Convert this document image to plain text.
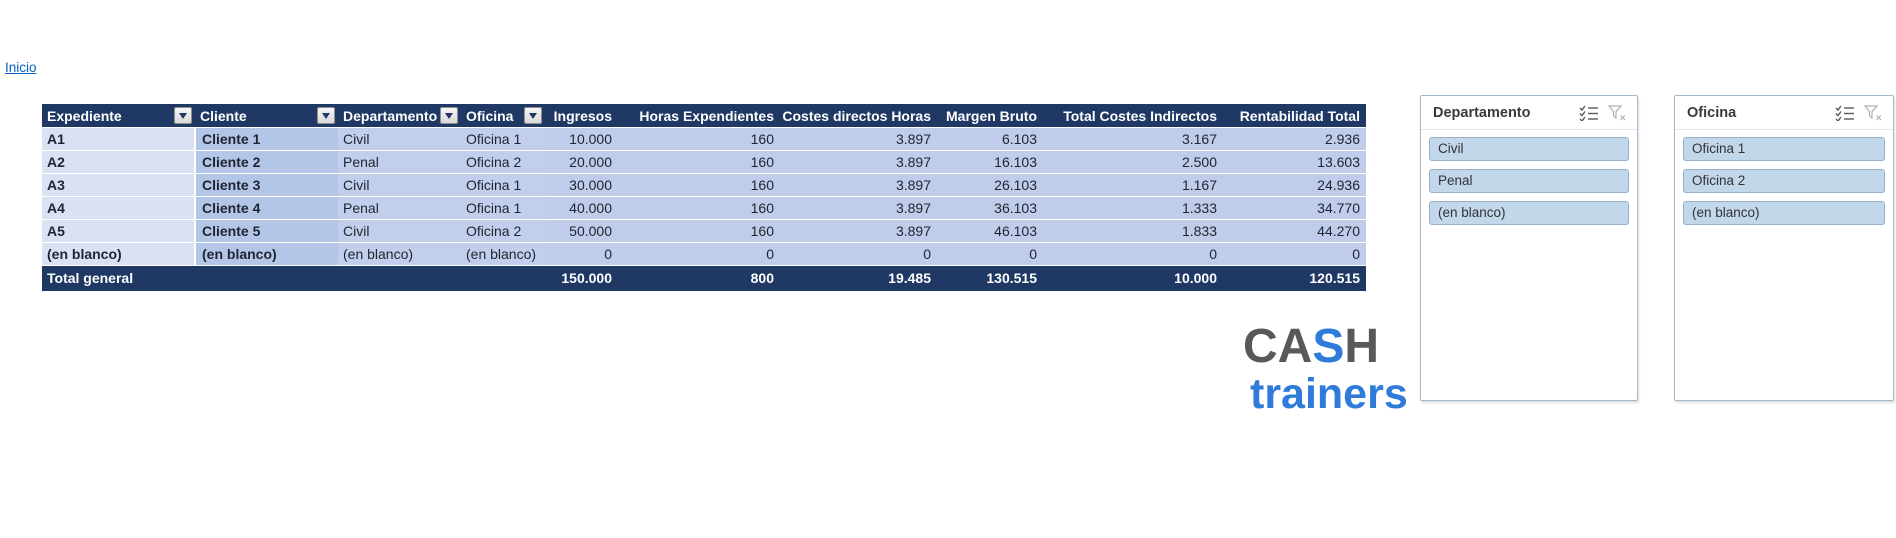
Inicio
Expediente	Cliente	Departamento	Oficina	Ingresos	Horas Expendientes	Costes directos Horas	Margen Bruto	Total Costes Indirectos	Rentabilidad Total
A1	Cliente 1	Civil	Oficina 1	10.000	160	3.897	6.103	3.167	2.936
A2	Cliente 2	Penal	Oficina 2	20.000	160	3.897	16.103	2.500	13.603
A3	Cliente 3	Civil	Oficina 1	30.000	160	3.897	26.103	1.167	24.936
A4	Cliente 4	Penal	Oficina 1	40.000	160	3.897	36.103	1.333	34.770
A5	Cliente 5	Civil	Oficina 2	50.000	160	3.897	46.103	1.833	44.270
(en blanco)	(en blanco)	(en blanco)	(en blanco)	0	0	0	0	0	0
Total general				150.000	800	19.485	130.515	10.000	120.515
Departamento
Civil
Penal
(en blanco)
Oficina
Oficina 1
Oficina 2
(en blanco)
CASH
trainers
